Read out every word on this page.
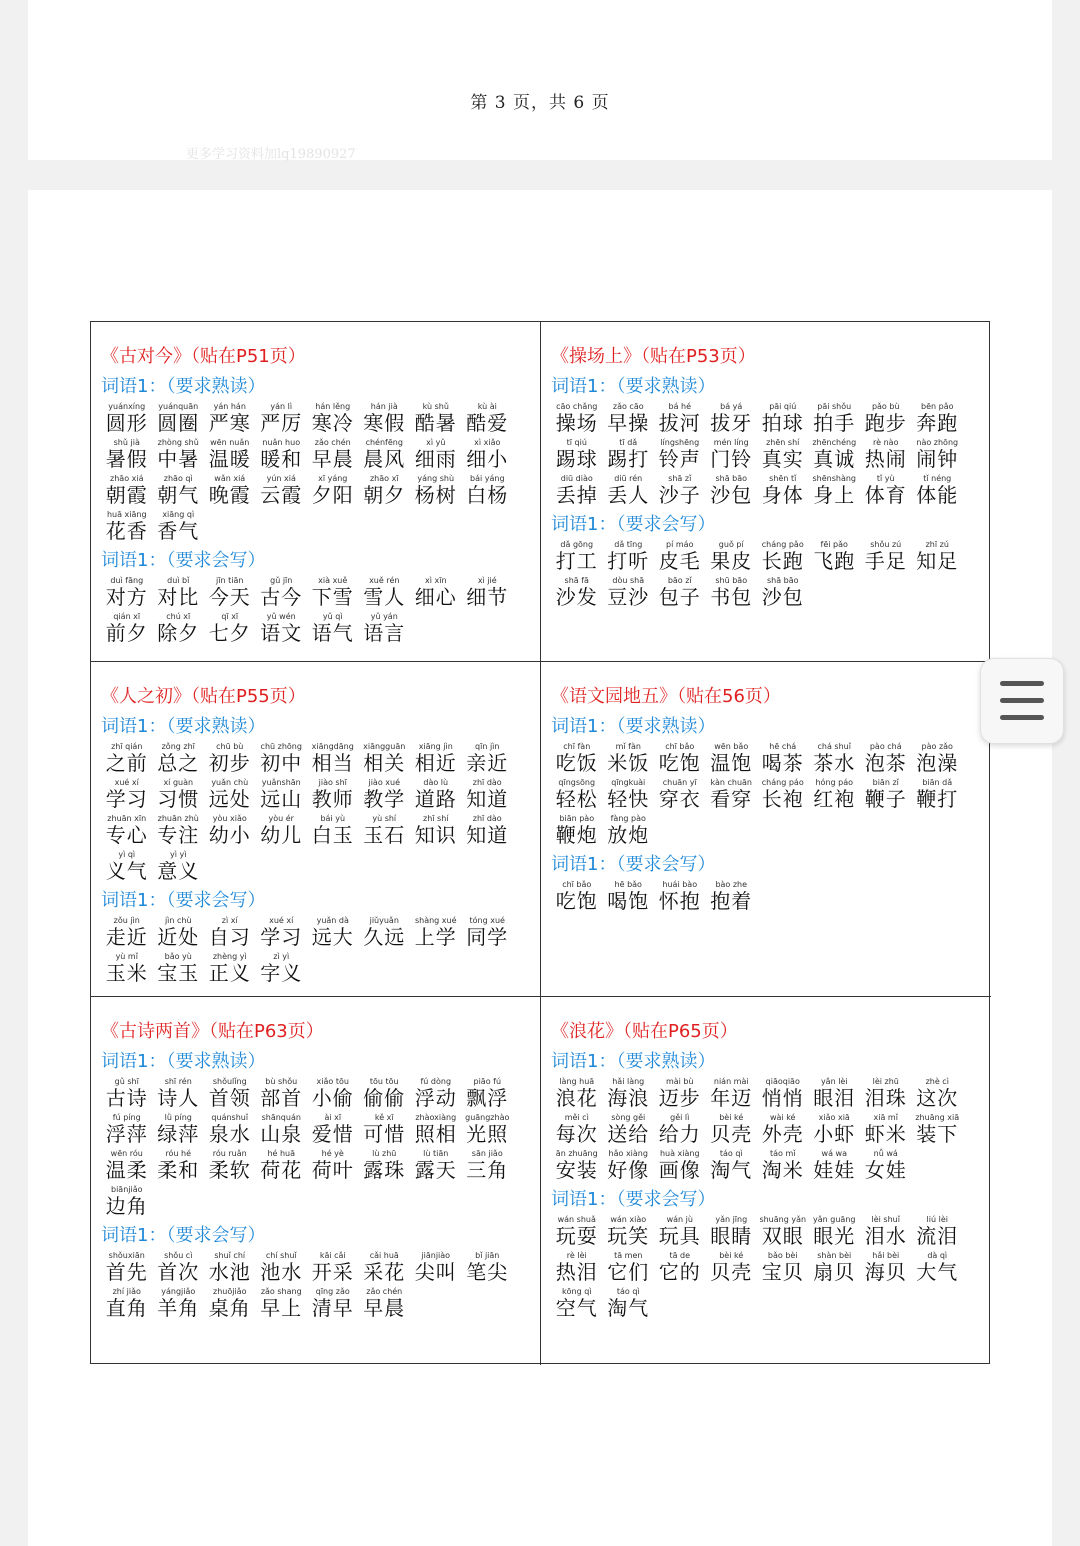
第 3 页，共 6 页
更多学习资料加lq19890927
《古对今》（贴在P51页）
词语1：（要求熟读）
yuánxíng
圆形
yuánquān
圆圈
yán hán
严寒
yán lì
严厉
hán lěng
寒冷
hán jià
寒假
kù shǔ
酷暑
kù ài
酷爱
shǔ jià
暑假
zhòng shǔ
中暑
wēn nuǎn
温暖
nuǎn huo
暖和
zǎo chén
早晨
chénfēng
晨风
xì yǔ
细雨
xì xiǎo
细小
zhāo xiá
朝霞
zhāo qì
朝气
wǎn xiá
晚霞
yún xiá
云霞
xī yáng
夕阳
zhāo xī
朝夕
yáng shù
杨树
bái yáng
白杨
huā xiāng
花香
xiāng qì
香气
词语1：（要求会写）
duì fāng
对方
duì bǐ
对比
jīn tiān
今天
gǔ jīn
古今
xià xuě
下雪
xuě rén
雪人
xì xīn
细心
xì jié
细节
qián xī
前夕
chú xī
除夕
qī xī
七夕
yǔ wén
语文
yǔ qì
语气
yǔ yán
语言
《操场上》（贴在P53页）
词语1：（要求熟读）
cāo chǎng
操场
zǎo cāo
早操
bá hé
拔河
bá yá
拔牙
pāi qiú
拍球
pāi shǒu
拍手
pǎo bù
跑步
bēn pǎo
奔跑
tī qiú
踢球
tī dǎ
踢打
língshēng
铃声
mén líng
门铃
zhēn shí
真实
zhēnchéng
真诚
rè nào
热闹
nào zhōng
闹钟
diū diào
丢掉
diū rén
丢人
shā zǐ
沙子
shā bāo
沙包
shēn tǐ
身体
shēnshàng
身上
tǐ yù
体育
tǐ néng
体能
词语1：（要求会写）
dǎ gōng
打工
dǎ tīng
打听
pí máo
皮毛
guǒ pí
果皮
cháng pǎo
长跑
fēi pǎo
飞跑
shǒu zú
手足
zhī zú
知足
shā fā
沙发
dòu shā
豆沙
bāo zǐ
包子
shū bāo
书包
shā bāo
沙包
《人之初》（贴在P55页）
词语1：（要求熟读）
zhī qián
之前
zǒng zhī
总之
chū bù
初步
chū zhōng
初中
xiāngdāng
相当
xiāngguān
相关
xiāng jìn
相近
qīn jìn
亲近
xué xí
学习
xí guàn
习惯
yuǎn chù
远处
yuǎnshān
远山
jiào shī
教师
jiào xué
教学
dào lù
道路
zhī dào
知道
zhuān xīn
专心
zhuān zhù
专注
yòu xiǎo
幼小
yòu ér
幼儿
bái yù
白玉
yù shí
玉石
zhī shí
知识
zhī dào
知道
yì qì
义气
yì yì
意义
词语1：（要求会写）
zǒu jìn
走近
jìn chù
近处
zì xí
自习
xué xí
学习
yuǎn dà
远大
jiǔyuǎn
久远
shàng xué
上学
tóng xué
同学
yù mǐ
玉米
bǎo yù
宝玉
zhèng yì
正义
zì yì
字义
《语文园地五》（贴在56页）
词语1：（要求熟读）
chī fàn
吃饭
mǐ fàn
米饭
chī bǎo
吃饱
wēn bǎo
温饱
hē chá
喝茶
chá shuǐ
茶水
pào chá
泡茶
pào zǎo
泡澡
qīngsōng
轻松
qīngkuài
轻快
chuān yī
穿衣
kàn chuān
看穿
cháng páo
长袍
hóng páo
红袍
biān zǐ
鞭子
biān dǎ
鞭打
biān pào
鞭炮
fàng pào
放炮
词语1：（要求会写）
chī bǎo
吃饱
hē bǎo
喝饱
huái bào
怀抱
bào zhe
抱着
《古诗两首》（贴在P63页）
词语1：（要求熟读）
gǔ shī
古诗
shī rén
诗人
shǒulǐng
首领
bù shǒu
部首
xiǎo tōu
小偷
tōu tōu
偷偷
fú dòng
浮动
piāo fú
飘浮
fú píng
浮萍
lǜ píng
绿萍
quánshuǐ
泉水
shānquán
山泉
ài xī
爱惜
kě xī
可惜
zhàoxiàng
照相
guāngzhào
光照
wēn róu
温柔
róu hé
柔和
róu ruǎn
柔软
hé huā
荷花
hé yè
荷叶
lù zhū
露珠
lù tiān
露天
sān jiǎo
三角
biānjiǎo
边角
词语1：（要求会写）
shǒuxiān
首先
shǒu cì
首次
shuǐ chí
水池
chí shuǐ
池水
kāi cǎi
开采
cǎi huā
采花
jiānjiào
尖叫
bǐ jiān
笔尖
zhí jiǎo
直角
yángjiǎo
羊角
zhuōjiǎo
桌角
zǎo shang
早上
qīng zǎo
清早
zǎo chén
早晨
《浪花》（贴在P65页）
词语1：（要求熟读）
làng huā
浪花
hǎi làng
海浪
mài bù
迈步
nián mài
年迈
qiāoqiāo
悄悄
yǎn lèi
眼泪
lèi zhū
泪珠
zhè cì
这次
měi cì
每次
sòng gěi
送给
gěi lì
给力
bèi ké
贝壳
wài ké
外壳
xiǎo xiā
小虾
xiā mǐ
虾米
zhuāng xiā
装下
ān zhuāng
安装
hǎo xiàng
好像
huà xiàng
画像
táo qì
淘气
táo mǐ
淘米
wá wa
娃娃
nǚ wá
女娃
词语1：（要求会写）
wán shuǎ
玩耍
wán xiào
玩笑
wán jù
玩具
yǎn jīng
眼睛
shuāng yǎn
双眼
yǎn guāng
眼光
lèi shuǐ
泪水
liú lèi
流泪
rè lèi
热泪
tā men
它们
tā de
它的
bèi ké
贝壳
bǎo bèi
宝贝
shàn bèi
扇贝
hǎi bèi
海贝
dà qì
大气
kōng qì
空气
táo qì
淘气
